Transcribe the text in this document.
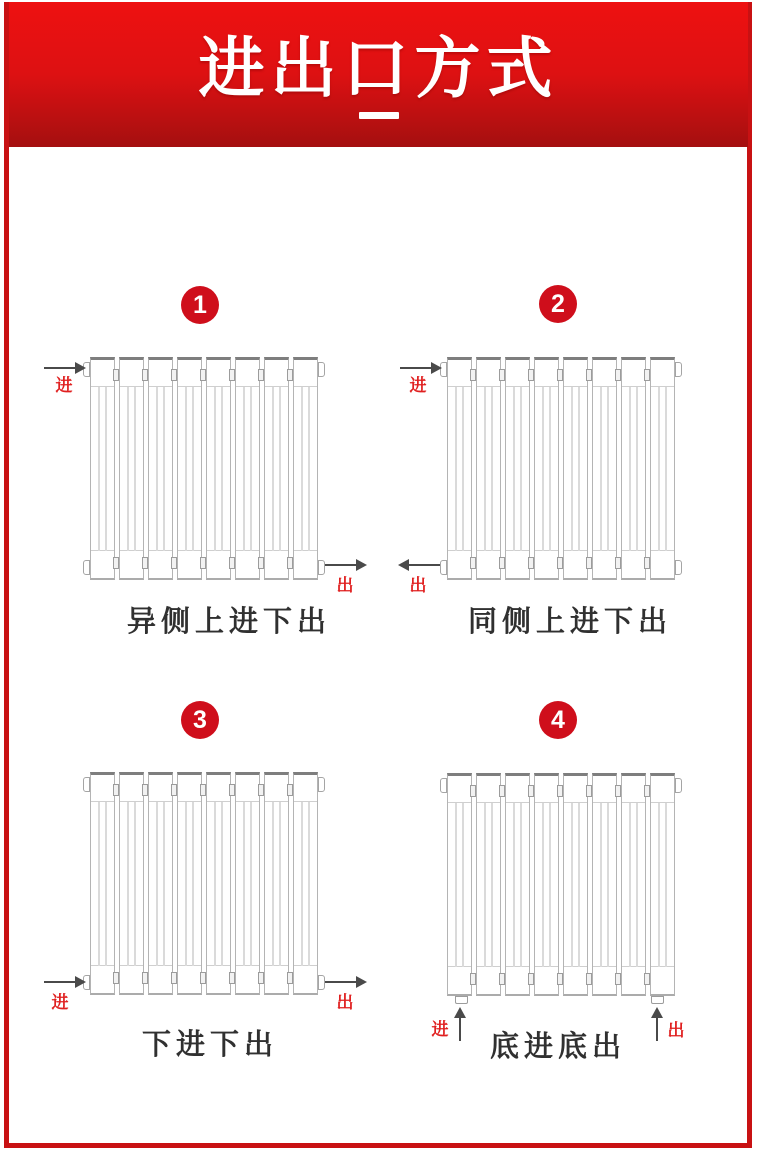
进出口方式
1
进
出
异侧上进下出
2
进
出
同侧上进下出
3
进	出
下进下出
4
进	出
底进底出
